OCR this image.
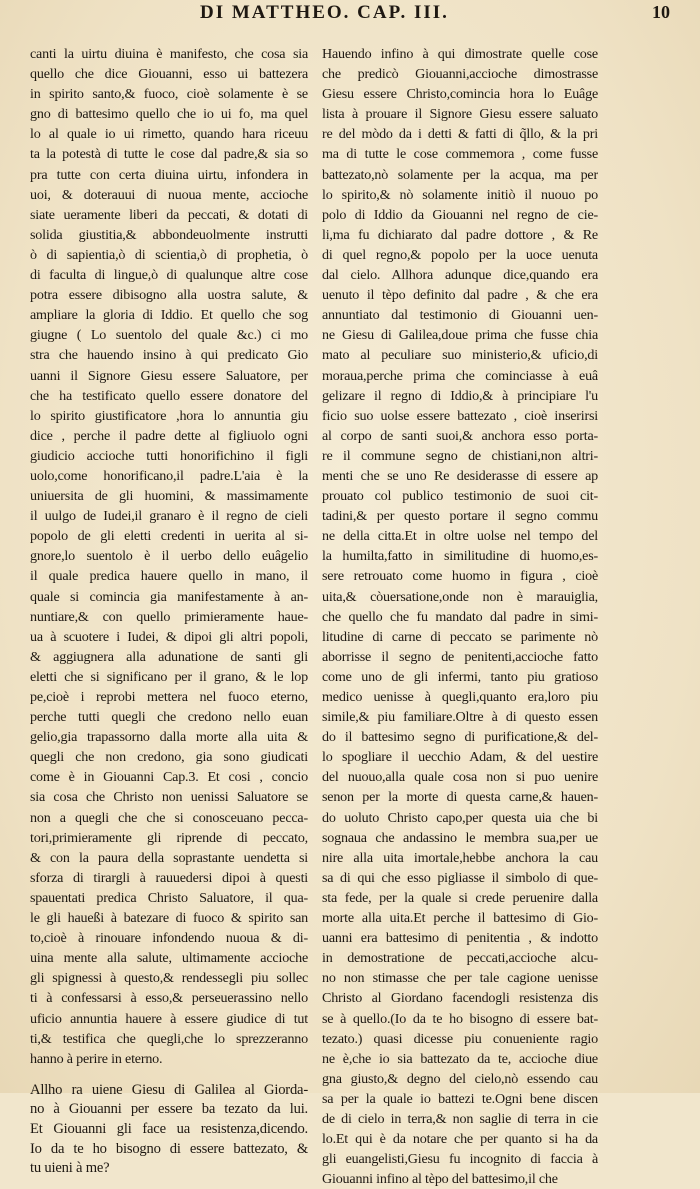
DI MATTHEO. CAP. III.	10
canti la uirtu diuina è manifesto, che cosa sia
quello che dice Giouanni, esso ui battezera
in spirito santo,& fuoco, cioè solamente è se
gno di battesimo quello che io ui fo, ma quel
lo al quale io ui rimetto, quando hara riceuu
ta la potestà di tutte le cose dal padre,& sia so
pra tutte con certa diuina uirtu, infondera in
uoi, & doterauui di nuoua mente, accioche
siate ueramente liberi da peccati, & dotati di
solida giustitia,& abbondeuolmente instrutti
ò di sapientia,ò di scientia,ò di prophetia, ò
di faculta di lingue,ò di qualunque altre cose
potra essere dibisogno alla uostra salute, &
ampliare la gloria di Iddio. Et quello che sog
giugne ( Lo suentolo del quale &c.) ci mo
stra che hauendo insino à qui predicato Gio
uanni il Signore Giesu essere Saluatore, per
che ha testificato quello essere donatore del
lo spirito giustificatore ,hora lo annuntia giu
dice , perche il padre dette al figliuolo ogni
giudicio accioche tutti honorifichino il figli
uolo,come honorificano,il padre.L'aia è la
uniuersita de gli huomini, & massimamente
il uulgo de Iudei,il granaro è il regno de cieli
popolo de gli eletti credenti in uerita al si-
gnore,lo suentolo è il uerbo dello euâgelio
il quale predica hauere quello in mano, il
quale si comincia gia manifestamente à an-
nuntiare,& con quello primieramente haue-
ua à scuotere i Iudei, & dipoi gli altri popoli,
& aggiugnera alla adunatione de santi gli
eletti che si significano per il grano, & le lop
pe,cioè i reprobi mettera nel fuoco eterno,
perche tutti quegli che credono nello euan
gelio,gia trapassorno dalla morte alla uita &
quegli che non credono, gia sono giudicati
come è in Giouanni Cap.3. Et cosi , concio
sia cosa che Christo non uenissi Saluatore se
non a quegli che che si conosceuano pecca-
tori,primieramente gli riprende di peccato,
& con la paura della soprastante uendetta si
sforza di tirargli à rauuedersi dipoi à questi
spauentati predica Christo Saluatore, il qua-
le gli haueßi à batezare di fuoco & spirito san
to,cioè à rinouare infondendo nuoua & di-
uina mente alla salute, ultimamente accioche
gli spignessi à questo,& rendessegli piu sollec
ti à confessarsi à esso,& perseuerassino nello
uficio annuntia hauere à essere giudice di tut
ti,& testifica che quegli,che lo sprezzeranno
hanno à perire in eterno.
Allho ra uiene Giesu di Galilea al Giorda-
no à Giouanni per essere ba tezato da lui.
Et Giouanni gli face ua resistenza,dicendo.
Io da te ho bisogno di essere battezato, &
tu uieni à me?
Hauendo infino à qui dimostrate quelle cose
che predicò Giouanni,accioche dimostrasse
Giesu essere Christo,comincia hora lo Euâge
lista à prouare il Signore Giesu essere saluato
re del mòdo da i detti & fatti di q̃llo, & la pri
ma di tutte le cose commemora , come fusse
battezato,nò solamente per la acqua, ma per
lo spirito,& nò solamente initiò il nuouo po
polo di Iddio da Giouanni nel regno de cie-
li,ma fu dichiarato dal padre dottore , & Re
di quel regno,& popolo per la uoce uenuta
dal cielo. Allhora adunque dice,quando era
uenuto il tèpo definito dal padre , & che era
annuntiato dal testimonio di Giouanni uen-
ne Giesu di Galilea,doue prima che fusse chia
mato al peculiare suo ministerio,& uficio,di
moraua,perche prima che cominciasse à euâ
gelizare il regno di Iddio,& à principiare l'u
ficio suo uolse essere battezato , cioè inserirsi
al corpo de santi suoi,& anchora esso porta-
re il commune segno de chistiani,non altri-
menti che se uno Re desiderasse di essere ap
prouato col publico testimonio de suoi cit-
tadini,& per questo portare il segno commu
ne della citta.Et in oltre uolse nel tempo del
la humilta,fatto in similitudine di huomo,es-
sere retrouato come huomo in figura , cioè
uita,& còuersatione,onde non è marauiglia,
che quello che fu mandato dal padre in simi-
litudine di carne di peccato se parimente nò
aborrisse il segno de penitenti,accioche fatto
come uno de gli infermi, tanto piu gratioso
medico uenisse à quegli,quanto era,loro piu
simile,& piu familiare.Oltre à di questo essen
do il battesimo segno di purificatione,& del-
lo spogliare il uecchio Adam, & del uestire
del nuouo,alla quale cosa non si puo uenire
senon per la morte di questa carne,& hauen-
do uoluto Christo capo,per questa uia che bi
sognaua che andassino le membra sua,per ue
nire alla uita imortale,hebbe anchora la cau
sa di qui che esso pigliasse il simbolo di que-
sta fede, per la quale si crede peruenire dalla
morte alla uita.Et perche il battesimo di Gio-
uanni era battesimo di penitentia , & indotto
in demostratione de peccati,accioche alcu-
no non stimasse che per tale cagione uenisse
Christo al Giordano facendogli resistenza dis
se à quello.(Io da te ho bisogno di essere bat-
tezato.) quasi dicesse piu conueniente ragio
ne è,che io sia battezato da te, accioche diue
gna giusto,& degno del cielo,nò essendo cau
sa per la quale io battezi te.Ogni bene discen
de di cielo in terra,& non saglie di terra in cie
lo.Et qui è da notare che per quanto si ha da
gli euangelisti,Giesu fu incognito di faccia à
Giouanni infino al tèpo del battesimo,il che
